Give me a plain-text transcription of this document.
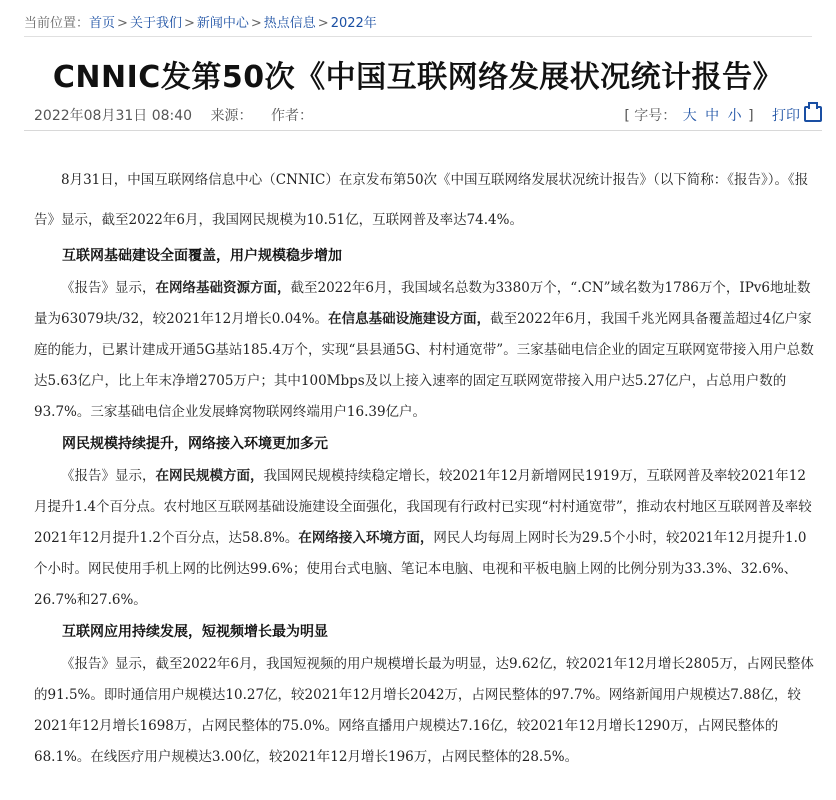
当前位置：首页 > 关于我们 > 新闻中心 > 热点信息 > 2022年
CNNIC发第50次《中国互联网络发展状况统计报告》
2022年08月31日 08:40 来源： 作者：	[ 字号： 大 中 小 ] 打印

8月31日，中国互联网络信息中心（CNNIC）在京发布第50次《中国互联网络发展状况统计报告》（以下简称：《报告》）。《报告》显示，截至2022年6月，我国网民规模为10.51亿，互联网普及率达74.4%。

互联网基础建设全面覆盖，用户规模稳步增加

《报告》显示，在网络基础资源方面，截至2022年6月，我国域名总数为3380万个，“.CN”域名数为1786万个，IPv6地址数量为63079块/32，较2021年12月增长0.04%。在信息基础设施建设方面，截至2022年6月，我国千兆光网具备覆盖超过4亿户家庭的能力，已累计建成开通5G基站185.4万个，实现“县县通5G、村村通宽带”。三家基础电信企业的固定互联网宽带接入用户总数达5.63亿户，比上年末净增2705万户；其中100Mbps及以上接入速率的固定互联网宽带接入用户达5.27亿户，占总用户数的93.7%。三家基础电信企业发展蜂窝物联网终端用户16.39亿户。

网民规模持续提升，网络接入环境更加多元

《报告》显示，在网民规模方面，我国网民规模持续稳定增长，较2021年12月新增网民1919万，互联网普及率较2021年12月提升1.4个百分点。农村地区互联网基础设施建设全面强化，我国现有行政村已实现“村村通宽带”，推动农村地区互联网普及率较2021年12月提升1.2个百分点，达58.8%。在网络接入环境方面，网民人均每周上网时长为29.5个小时，较2021年12月提升1.0个小时。网民使用手机上网的比例达99.6%；使用台式电脑、笔记本电脑、电视和平板电脑上网的比例分别为33.3%、32.6%、26.7%和27.6%。

互联网应用持续发展，短视频增长最为明显

《报告》显示，截至2022年6月，我国短视频的用户规模增长最为明显，达9.62亿，较2021年12月增长2805万，占网民整体的91.5%。即时通信用户规模达10.27亿，较2021年12月增长2042万，占网民整体的97.7%。网络新闻用户规模达7.88亿，较2021年12月增长1698万，占网民整体的75.0%。网络直播用户规模达7.16亿，较2021年12月增长1290万，占网民整体的68.1%。在线医疗用户规模达3.00亿，较2021年12月增长196万，占网民整体的28.5%。
